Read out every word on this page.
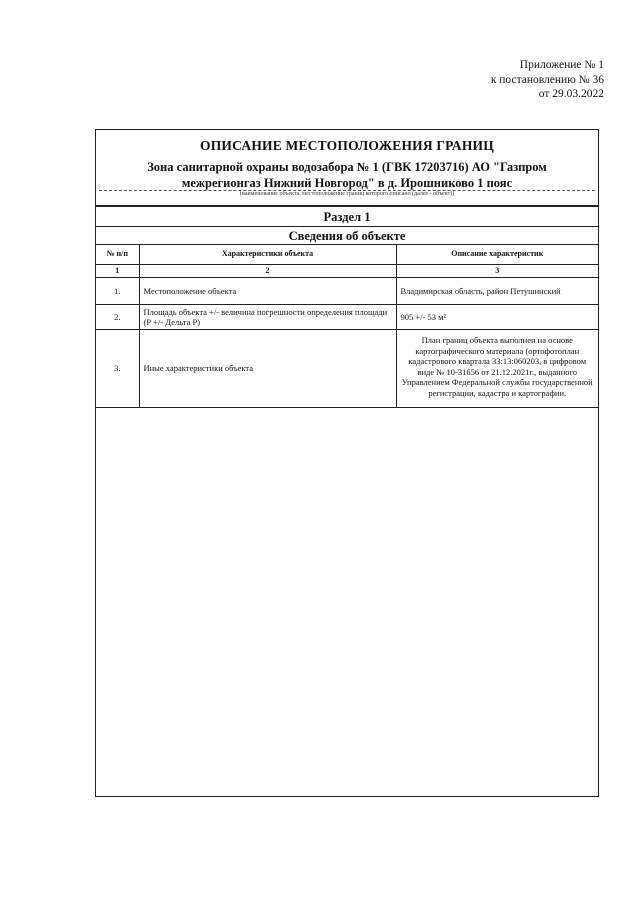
Приложение № 1
к постановлению № 36
от 29.03.2022
ОПИСАНИЕ МЕСТОПОЛОЖЕНИЯ ГРАНИЦ
Зона санитарной охраны водозабора № 1 (ГВК 17203716) АО "Газпром
межрегионгаз Нижний Новгород" в д. Ирошниково 1 пояс
(наименование объекта, местоположение границ которого описано (далее - объект))
Раздел 1
Сведения об объекте
№ п/п	Характеристики объекта	Описание характеристик
1	2	3
1.	Местоположение объекта	Владимирская область, район Петушинский
2.	Площадь объекта +/- величина погрешности определения площади (Р +/- Дельта Р)	905 +/- 53 м²
3.	Иные характеристики объекта	План границ объекта выполнен на основе картографического материала (ортофотоплан кадастрового квартала 33:13:060203, в цифровом виде № 10-31656 от 21.12.2021г., выданного Управлением Федеральной службы государственной регистрации, кадастра и картографии.
